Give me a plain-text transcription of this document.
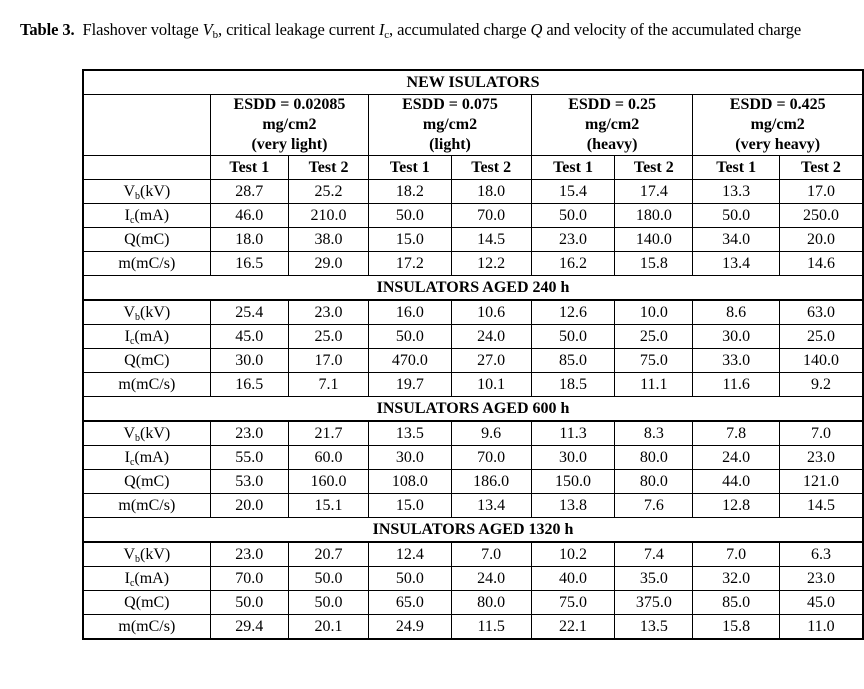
Table 3. Flashover voltage $V_b$, critical leakage current $I_c$, accumulated charge Q and velocity of the accumulated charge
NEW ISULATORS								

	ESDD = 0.02085
mg/cm2
(very light)		ESDD = 0.075
mg/cm2
(light)		ESDD = 0.25
mg/cm2
(heavy)		ESDD = 0.425
mg/cm2
(very heavy)	

	Test 1	Test 2	Test 1	Test 2	Test 1	Test 2	Test 1	Test 2
$V_b(kV)$	28.7	25.2	18.2	18.0	15.4	17.4	13.3	17.0
$I_c(mA)$	46.0	210.0	50.0	70.0	50.0	180.0	50.0	250.0
Q(mC)	18.0	38.0	15.0	14.5	23.0	140.0	34.0	20.0
m(mC/s)	16.5	29.0	17.2	12.2	16.2	15.8	13.4	14.6
INSULATORS AGED 240 h								
$V_b(kV)$	25.4	23.0	16.0	10.6	12.6	10.0	8.6	63.0
$I_c(mA)$	45.0	25.0	50.0	24.0	50.0	25.0	30.0	25.0
Q(mC)	30.0	17.0	470.0	27.0	85.0	75.0	33.0	140.0
m(mC/s)	16.5	7.1	19.7	10.1	18.5	11.1	11.6	9.2
INSULATORS AGED 600 h								
$V_b(kV)$	23.0	21.7	13.5	9.6	11.3	8.3	7.8	7.0
$I_c(mA)$	55.0	60.0	30.0	70.0	30.0	80.0	24.0	23.0
Q(mC)	53.0	160.0	108.0	186.0	150.0	80.0	44.0	121.0
m(mC/s)	20.0	15.1	15.0	13.4	13.8	7.6	12.8	14.5
INSULATORS AGED 1320 h								
$V_b(kV)$	23.0	20.7	12.4	7.0	10.2	7.4	7.0	6.3
$I_c(mA)$	70.0	50.0	50.0	24.0	40.0	35.0	32.0	23.0
Q(mC)	50.0	50.0	65.0	80.0	75.0	375.0	85.0	45.0
m(mC/s)	29.4	20.1	24.9	11.5	22.1	13.5	15.8	11.0
